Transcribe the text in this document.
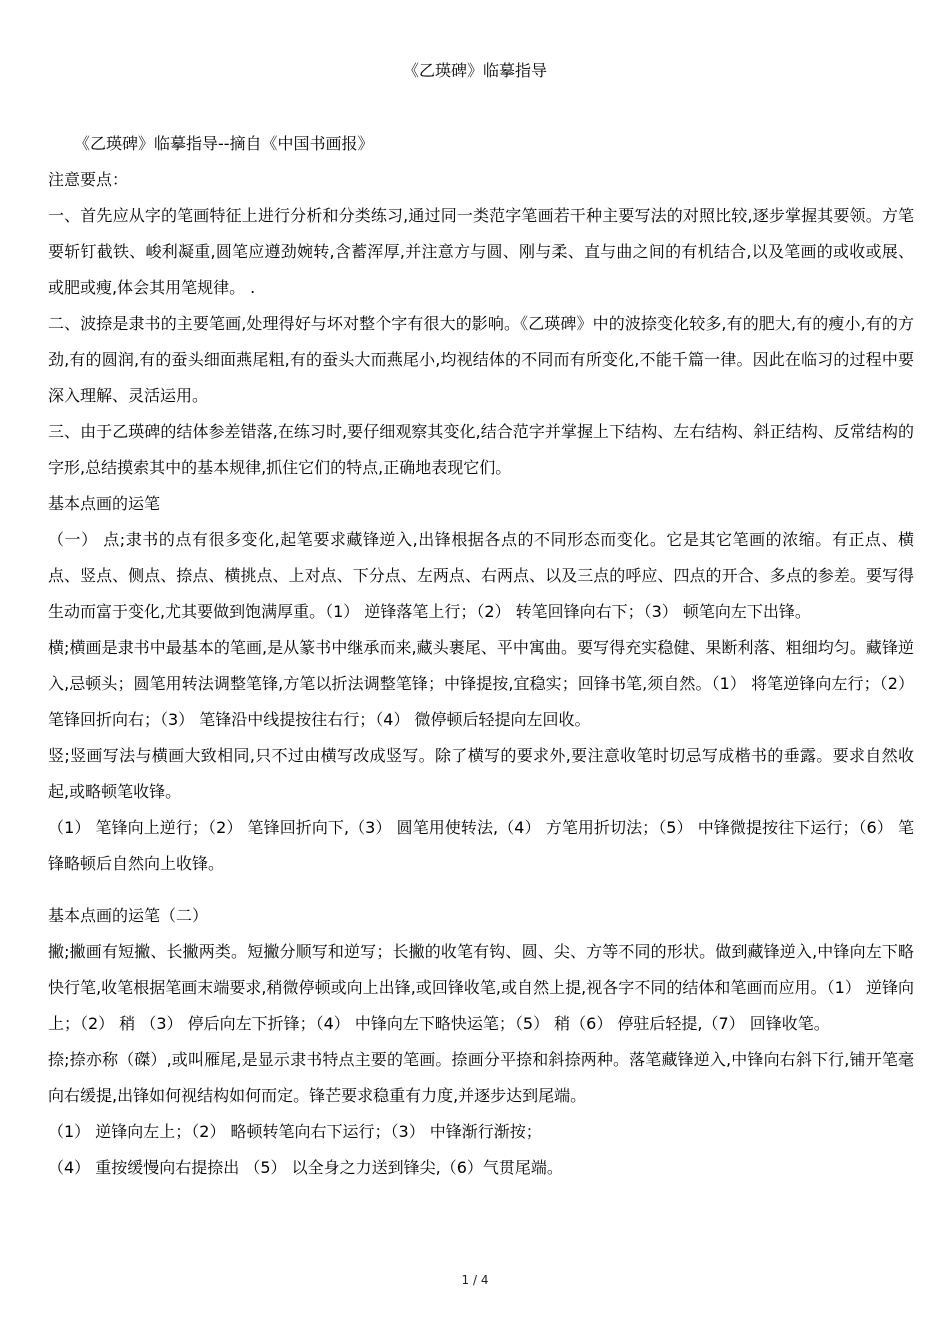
《乙瑛碑》临摹指导

《乙瑛碑》临摹指导--摘自《中国书画报》

注意要点：

一、首先应从字的笔画特征上进行分析和分类练习,通过同一类范字笔画若干种主要写法的对照比较,逐步掌握其要领。方笔要斩钉截铁、峻利凝重,圆笔应遵劲婉转,含蓄浑厚,并注意方与圆、刚与柔、直与曲之间的有机结合,以及笔画的或收或展、 或肥或瘦,体会其用笔规律。 .

二、波捺是隶书的主要笔画,处理得好与坏对整个字有很大的影响。《乙瑛碑》中的波捺变化较多,有的肥大,有的瘦小,有的方劲,有的圆润,有的蚕头细面燕尾粗,有的蚕头大而燕尾小,均视结体的不同而有所变化,不能千篇一律。因此在临习的过程中要深入理解、灵活运用。

三、由于乙瑛碑的结体参差错落,在练习时,要仔细观察其变化,结合范字并掌握上下结构、左右结构、斜正结构、反常结构的字形,总结摸索其中的基本规律,抓住它们的特点,正确地表现它们。

基本点画的运笔

（一） 点;隶书的点有很多变化,起笔要求藏锋逆入,出锋根据各点的不同形态而变化。它是其它笔画的浓缩。有正点、横点、竖点、侧点、捺点、横挑点、上对点、下分点、左两点、右两点、以及三点的呼应、四点的开合、多点的参差。要写得生动而富于变化,尤其要做到饱满厚重。（1） 逆锋落笔上行；（2） 转笔回锋向右下；（3） 顿笔向左下出锋。

横;横画是隶书中最基本的笔画,是从篆书中继承而来,藏头裹尾、平中寓曲。要写得充实稳健、果断利落、粗细均匀。藏锋逆入,忌顿头；圆笔用转法调整笔锋,方笔以折法调整笔锋；中锋提按,宜稳实；回锋书笔,须自然。（1） 将笔逆锋向左行；（2） 笔锋回折向右；（3） 笔锋沿中线提按往右行；（4） 微停顿后轻提向左回收。

竖;竖画写法与横画大致相同,只不过由横写改成竖写。除了横写的要求外,要注意收笔时切忌写成楷书的垂露。要求自然收起,或略顿笔收锋。

（1） 笔锋向上逆行；（2） 笔锋回折向下,（3） 圆笔用使转法,（4） 方笔用折切法；（5） 中锋微提按往下运行；（6） 笔锋略顿后自然向上收锋。

基本点画的运笔（二）

撇;撇画有短撇、长撇两类。短撇分顺写和逆写；长撇的收笔有钩、圆、尖、方等不同的形状。做到藏锋逆入,中锋向左下略快行笔,收笔根据笔画末端要求,稍微停顿或向上出锋,或回锋收笔,或自然上提,视各字不同的结体和笔画而应用。（1） 逆锋向上；（2） 稍 （3） 停后向左下折锋；（4） 中锋向左下略快运笔；（5） 稍（6） 停驻后轻提,（7） 回锋收笔。

捺;捺亦称（磔）,或叫雁尾,是显示隶书特点主要的笔画。捺画分平捺和斜捺两种。落笔藏锋逆入,中锋向右斜下行,铺开笔毫向右缓提,出锋如何视结构如何而定。锋芒要求稳重有力度,并逐步达到尾端。

（1） 逆锋向左上；（2） 略顿转笔向右下运行；（3） 中锋渐行渐按；

（4） 重按缓慢向右提捺出 （5） 以全身之力送到锋尖,（6）气贯尾端。

1 / 4
